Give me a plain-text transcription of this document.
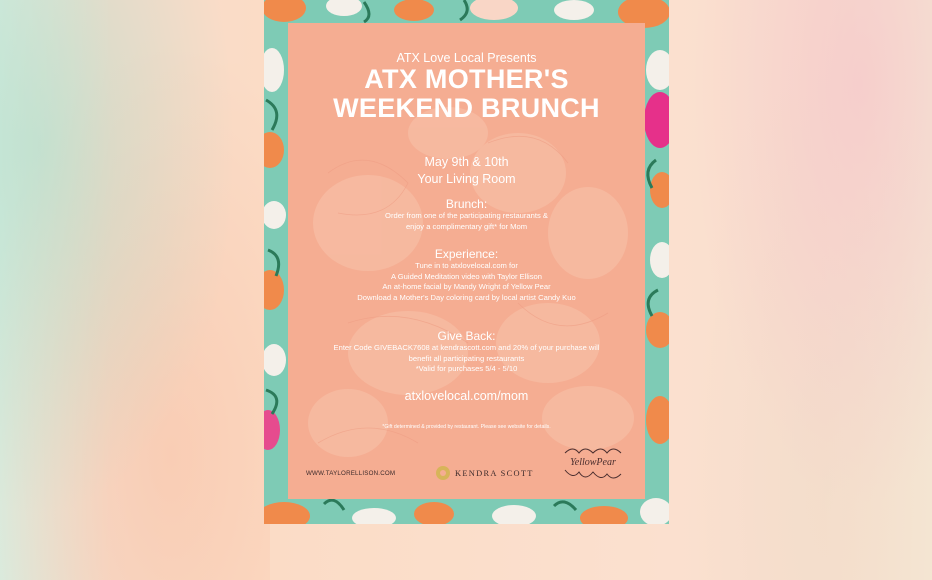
ATX Love Local Presents
ATX MOTHER'S
WEEKEND BRUNCH
May 9th & 10th
Your Living Room
Brunch:
Order from one of the participating restaurants &
enjoy a complimentary gift* for Mom
Experience:
Tune in to atxlovelocal.com for
A Guided Meditation video with Taylor Ellison
An at-home facial by Mandy Wright of Yellow Pear
Download a Mother's Day coloring card by local artist Candy Kuo
Give Back:
Enter Code GIVEBACK7608 at kendrascott.com and 20% of your purchase will
benefit all participating restaurants
*Valid for purchases 5/4 - 5/10
atxlovelocal.com/mom
*Gift determined & provided by restaurant. Please see website for details.
WWW.TAYLORELLISON.COM	KENDRA SCOTT
YellowPear
